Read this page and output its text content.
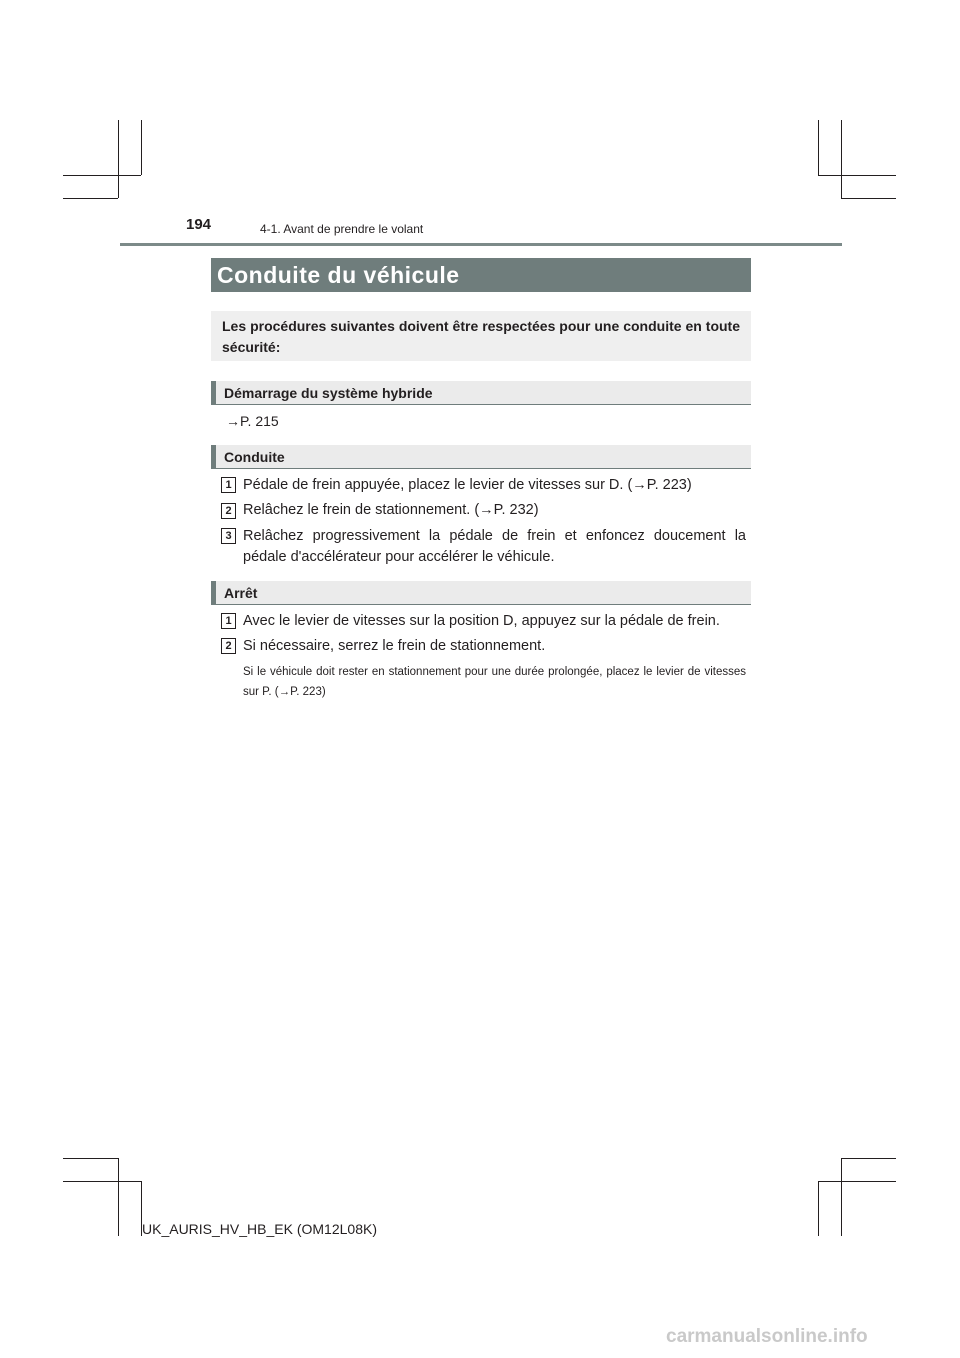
194	4-1. Avant de prendre le volant
Conduite du véhicule
Les procédures suivantes doivent être respectées pour une conduite en toute sécurité:
Démarrage du système hybride
→P. 215
Conduite
1 Pédale de frein appuyée, placez le levier de vitesses sur D. (→P. 223)
2 Relâchez le frein de stationnement. (→P. 232)
3 Relâchez progressivement la pédale de frein et enfoncez doucement la pédale d'accélérateur pour accélérer le véhicule.
Arrêt
1 Avec le levier de vitesses sur la position D, appuyez sur la pédale de frein.
2 Si nécessaire, serrez le frein de stationnement.
Si le véhicule doit rester en stationnement pour une durée prolongée, placez le levier de vitesses sur P. (→P. 223)
UK_AURIS_HV_HB_EK (OM12L08K)
carmanualsonline.info
